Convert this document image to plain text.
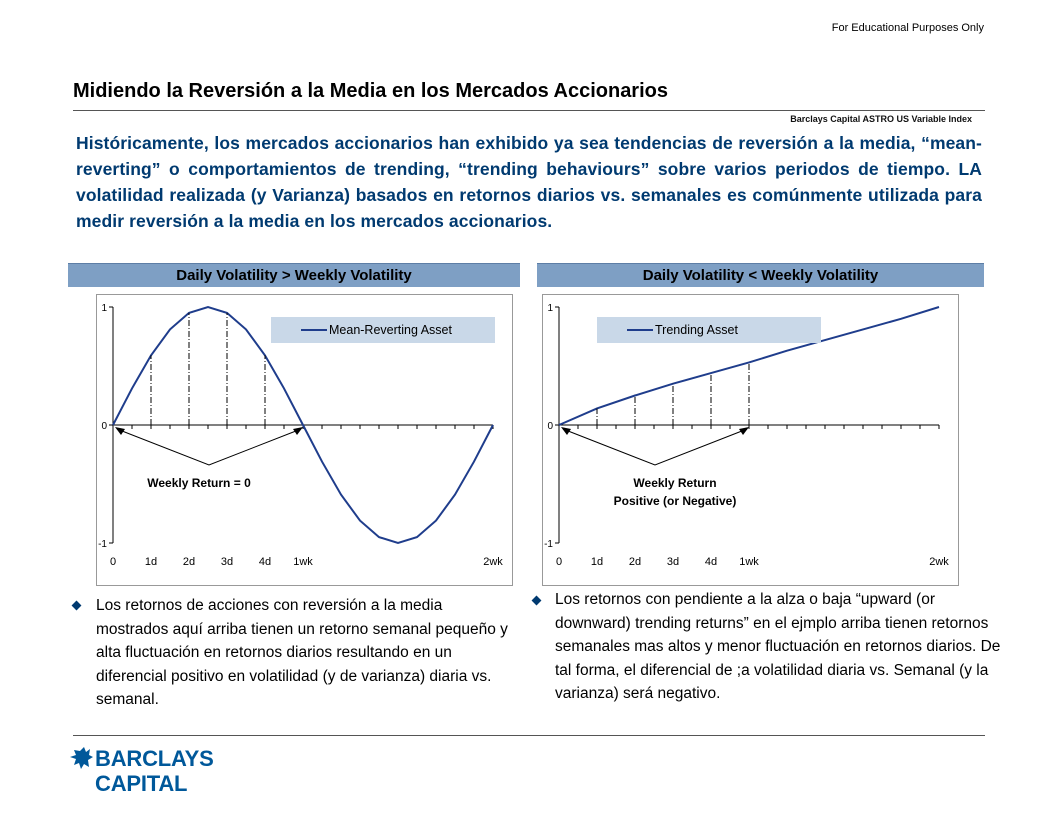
For Educational Purposes Only
Midiendo la Reversión a la Media en los Mercados Accionarios
Barclays Capital ASTRO US Variable Index
Históricamente, los mercados accionarios han exhibido ya sea tendencias de reversión a la media, “mean-reverting” o comportamientos de trending, “trending behaviours” sobre varios periodos de tiempo. LA volatilidad realizada (y Varianza) basados en retornos diarios vs. semanales es comúnmente utilizada para medir reversión a la media en los mercados accionarios.
Daily Volatility > Weekly Volatility	Daily Volatility < Weekly Volatility
1
0
-1
0	1d 2d 3d 4d 1wk	2wk
Mean-Reverting Asset
Weekly Return = 0
1
0
-1
0	1d 2d 3d 4d 1wk	2wk
Trending Asset
Weekly Return
Positive (or Negative)
Los retornos de acciones con reversión a la media mostrados aquí arriba tienen un retorno semanal pequeño y alta fluctuación en retornos diarios resultando en un diferencial positivo en volatilidad (y de varianza) diaria vs. semanal.
Los retornos con pendiente a la alza o baja “upward (or downward) trending returns” en el ejmplo arriba tienen retornos semanales mas altos y menor fluctuación en retornos diarios. De tal forma, el diferencial de ;a volatilidad diaria vs. Semanal (y la varianza) será negativo.
BARCLAYS
CAPITAL
